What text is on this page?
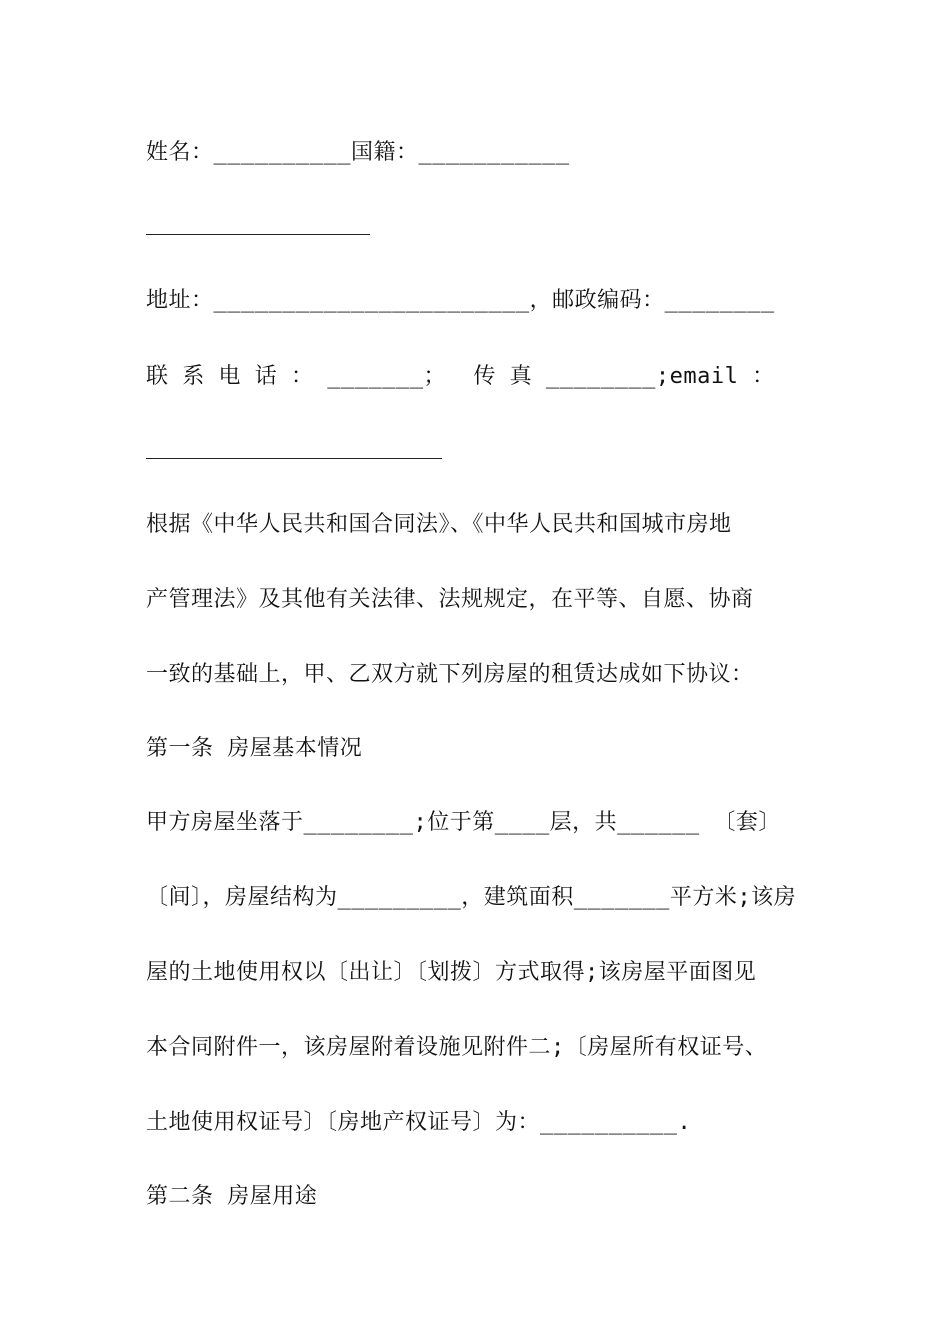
姓名：__________国籍：___________
地址：_______________________，邮政编码：________
联 系 电 话 ： _______；  传 真 ________;email ：
根据《中华人民共和国合同法》、《中华人民共和国城市房地
产管理法》及其他有关法律、法规规定，在平等、自愿、协商
一致的基础上，甲、乙双方就下列房屋的租赁达成如下协议：
第一条 房屋基本情况
甲方房屋坐落于________;位于第____层，共______ 〔套〕
〔间〕，房屋结构为_________，建筑面积_______平方米;该房
屋的土地使用权以〔出让〕〔划拨〕方式取得;该房屋平面图见
本合同附件一，该房屋附着设施见附件二;〔房屋所有权证号、
土地使用权证号〕〔房地产权证号〕为：__________.
第二条 房屋用途
